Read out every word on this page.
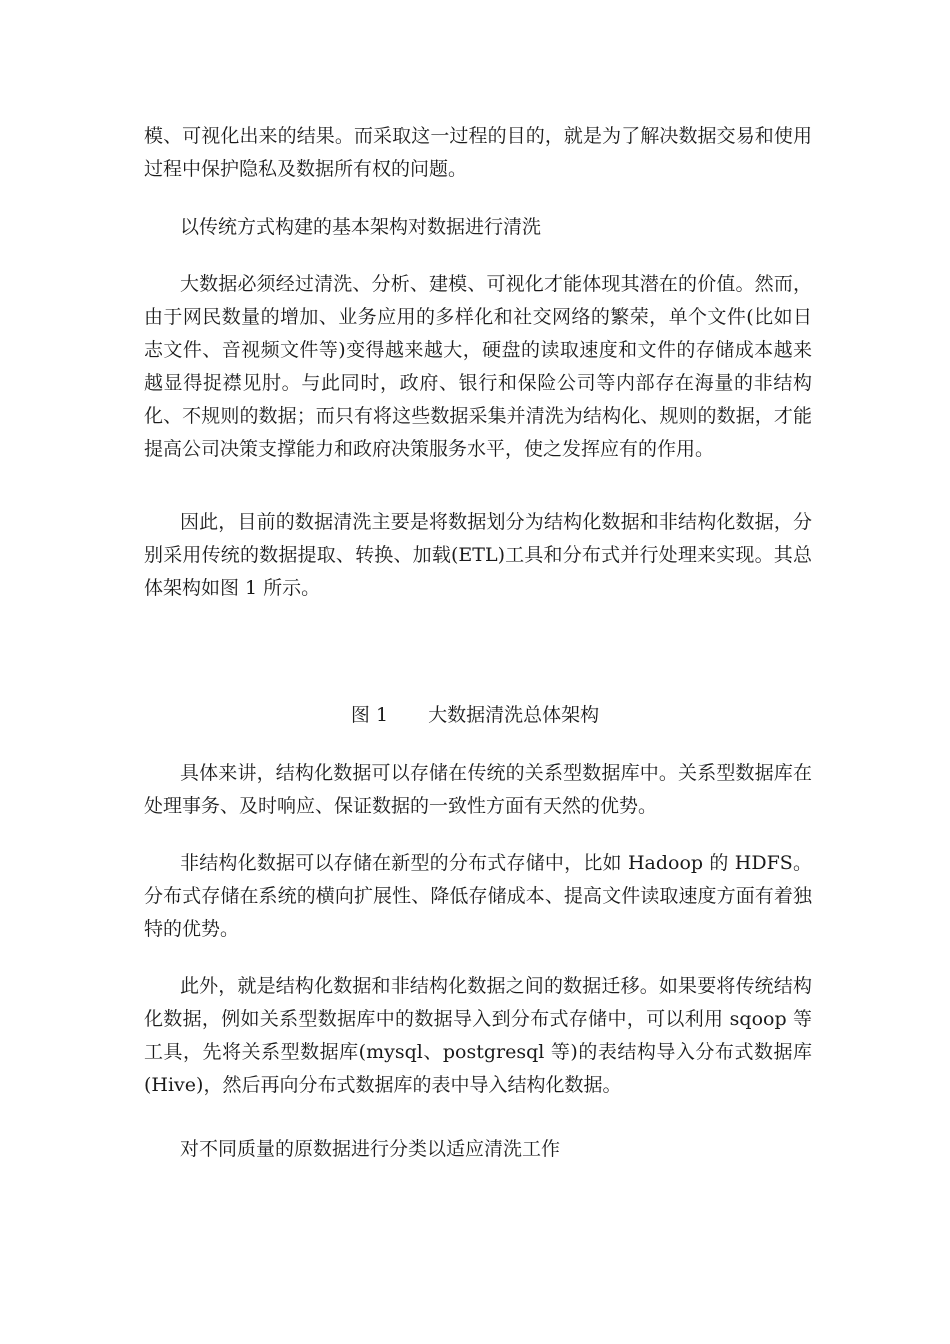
模、可视化出来的结果。而采取这一过程的目的，就是为了解决数据交易和使用过程中保护隐私及数据所有权的问题。

以传统方式构建的基本架构对数据进行清洗

大数据必须经过清洗、分析、建模、可视化才能体现其潜在的价值。然而，由于网民数量的增加、业务应用的多样化和社交网络的繁荣，单个文件(比如日志文件、音视频文件等)变得越来越大，硬盘的读取速度和文件的存储成本越来越显得捉襟见肘。与此同时，政府、银行和保险公司等内部存在海量的非结构化、不规则的数据；而只有将这些数据采集并清洗为结构化、规则的数据，才能提高公司决策支撑能力和政府决策服务水平，使之发挥应有的作用。

因此，目前的数据清洗主要是将数据划分为结构化数据和非结构化数据，分别采用传统的数据提取、转换、加载(ETL)工具和分布式并行处理来实现。其总体架构如图 1 所示。

图 1 大数据清洗总体架构

具体来讲，结构化数据可以存储在传统的关系型数据库中。关系型数据库在处理事务、及时响应、保证数据的一致性方面有天然的优势。

非结构化数据可以存储在新型的分布式存储中，比如 Hadoop 的 HDFS。分布式存储在系统的横向扩展性、降低存储成本、提高文件读取速度方面有着独特的优势。

此外，就是结构化数据和非结构化数据之间的数据迁移。如果要将传统结构化数据，例如关系型数据库中的数据导入到分布式存储中，可以利用 sqoop 等工具，先将关系型数据库(mysql、postgresql 等)的表结构导入分布式数据库(Hive)，然后再向分布式数据库的表中导入结构化数据。

对不同质量的原数据进行分类以适应清洗工作
